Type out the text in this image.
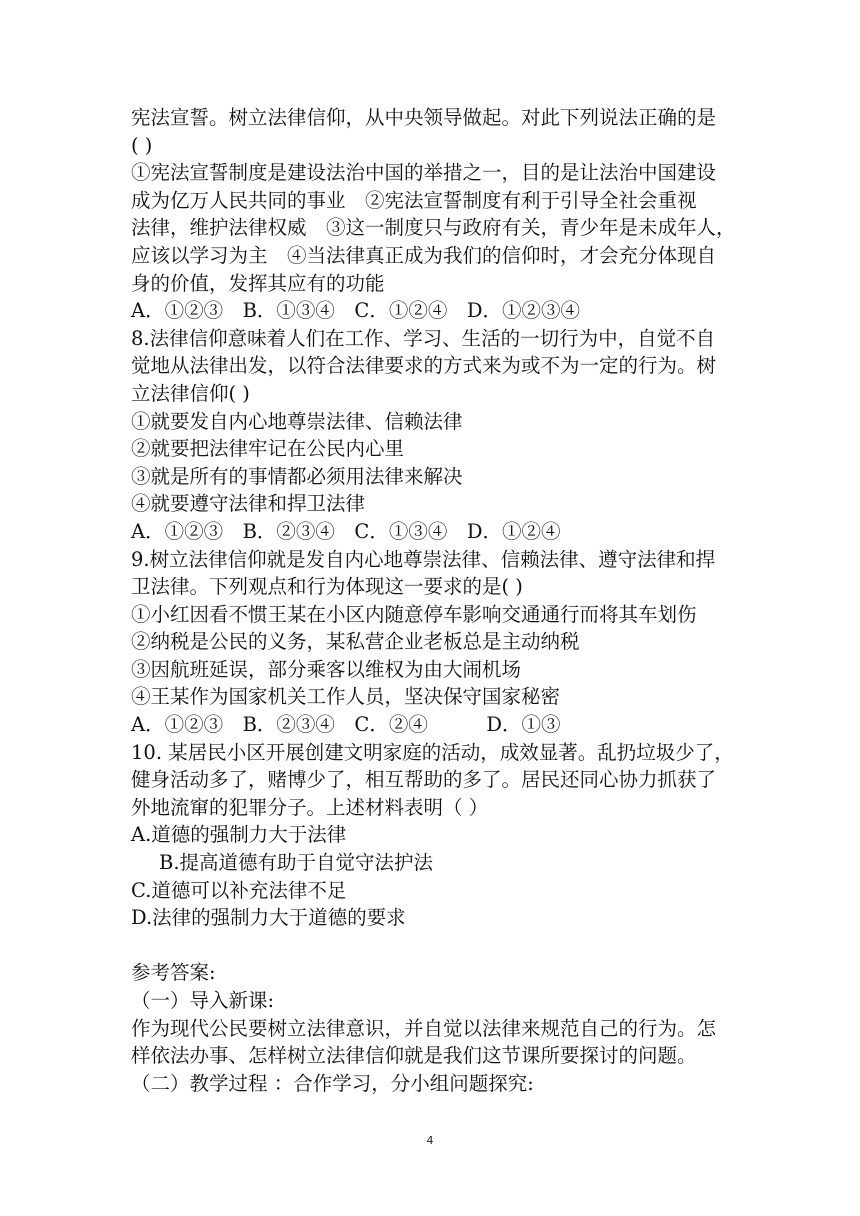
宪法宣誓。树立法律信仰，从中央领导做起。对此下列说法正确的是
( )
①宪法宣誓制度是建设法治中国的举措之一，目的是让法治中国建设
成为亿万人民共同的事业　②宪法宣誓制度有利于引导全社会重视
法律，维护法律权威　③这一制度只与政府有关，青少年是未成年人，
应该以学习为主　④当法律真正成为我们的信仰时，才会充分体现自
身的价值，发挥其应有的功能
A．①②③　B．①③④　C．①②④　D．①②③④
8.法律信仰意味着人们在工作、学习、生活的一切行为中，自觉不自
觉地从法律出发，以符合法律要求的方式来为或不为一定的行为。树
立法律信仰( )
①就要发自内心地尊崇法律、信赖法律
②就要把法律牢记在公民内心里
③就是所有的事情都必须用法律来解决
④就要遵守法律和捍卫法律
A．①②③　B．②③④　C．①③④　D．①②④
9.树立法律信仰就是发自内心地尊崇法律、信赖法律、遵守法律和捍
卫法律。下列观点和行为体现这一要求的是( )
①小红因看不惯王某在小区内随意停车影响交通通行而将其车划伤
②纳税是公民的义务，某私营企业老板总是主动纳税
③因航班延误，部分乘客以维权为由大闹机场
④王某作为国家机关工作人员，坚决保守国家秘密
A．①②③　B．②③④　C．②④　　　D．①③
10. 某居民小区开展创建文明家庭的活动，成效显著。乱扔垃圾少了，
健身活动多了，赌博少了，相互帮助的多了。居民还同心协力抓获了
外地流窜的犯罪分子。上述材料表明（ ）
A.道德的强制力大于法律
B.提高道德有助于自觉守法护法
C.道德可以补充法律不足
D.法律的强制力大于道德的要求
参考答案:
（一）导入新课:
作为现代公民要树立法律意识，并自觉以法律来规范自己的行为。怎
样依法办事、怎样树立法律信仰就是我们这节课所要探讨的问题。
（二）教学过程 ：合作学习，分小组问题探究:
4
